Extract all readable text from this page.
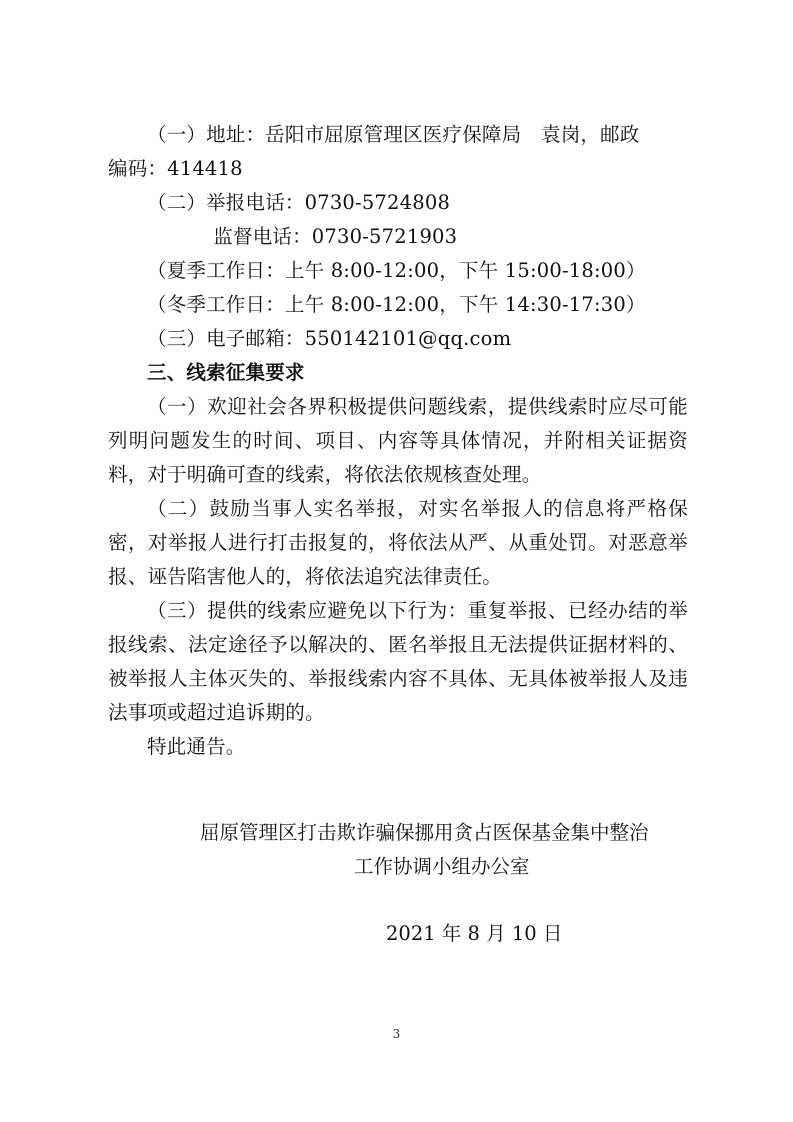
（一）地址：岳阳市屈原管理区医疗保障局　袁岗，邮政

编码：414418

（二）举报电话：0730-5724808

监督电话：0730-5721903

（夏季工作日：上午 8:00-12:00，下午 15:00-18:00）

（冬季工作日：上午 8:00-12:00，下午 14:30-17:30）

（三）电子邮箱：550142101@qq.com

三、线索征集要求

（一）欢迎社会各界积极提供问题线索，提供线索时应尽可能列明问题发生的时间、项目、内容等具体情况，并附相关证据资料，对于明确可查的线索，将依法依规核查处理。

（二）鼓励当事人实名举报，对实名举报人的信息将严格保密，对举报人进行打击报复的，将依法从严、从重处罚。对恶意举报、诬告陷害他人的，将依法追究法律责任。

（三）提供的线索应避免以下行为：重复举报、已经办结的举报线索、法定途径予以解决的、匿名举报且无法提供证据材料的、被举报人主体灭失的、举报线索内容不具体、无具体被举报人及违法事项或超过追诉期的。

特此通告。

屈原管理区打击欺诈骗保挪用贪占医保基金集中整治
工作协调小组办公室
2021 年 8 月 10 日
3
